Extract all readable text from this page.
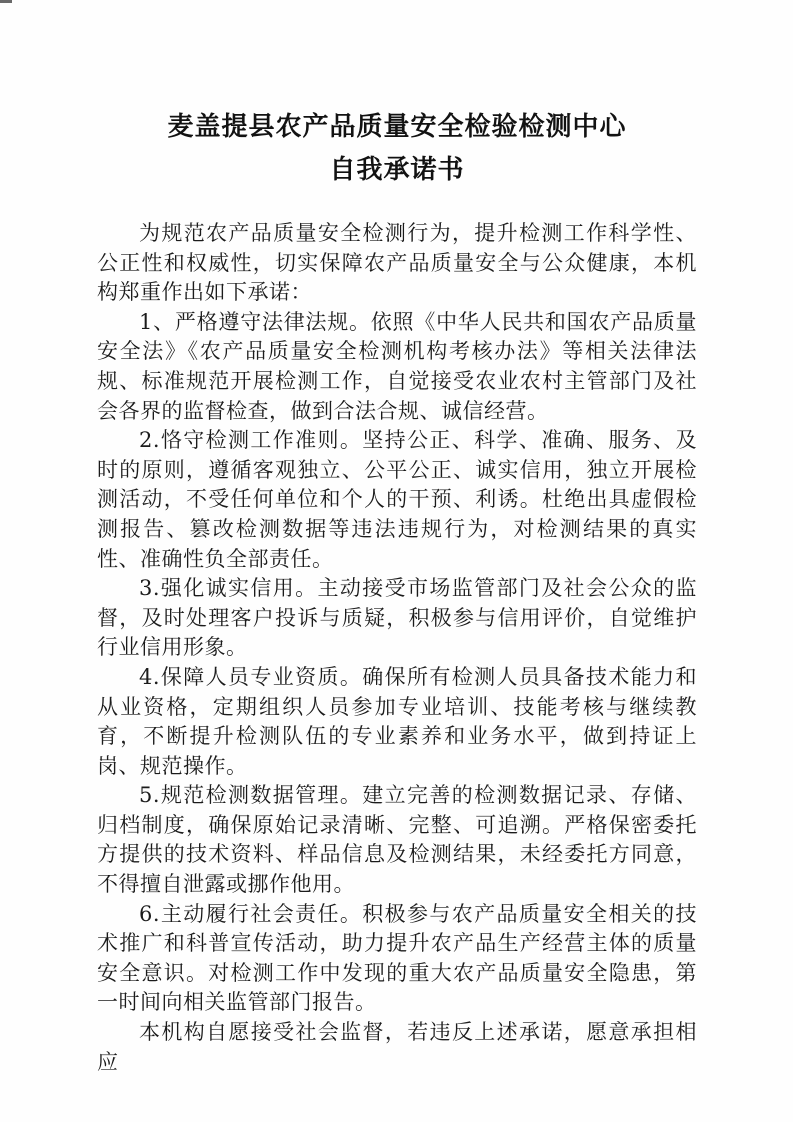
麦盖提县农产品质量安全检验检测中心
自我承诺书

为规范农产品质量安全检测行为，提升检测工作科学性、公正性和权威性，切实保障农产品质量安全与公众健康，本机构郑重作出如下承诺：

1、严格遵守法律法规。依照《中华人民共和国农产品质量安全法》《农产品质量安全检测机构考核办法》等相关法律法规、标准规范开展检测工作，自觉接受农业农村主管部门及社会各界的监督检查，做到合法合规、诚信经营。

2.恪守检测工作准则。坚持公正、科学、准确、服务、及时的原则，遵循客观独立、公平公正、诚实信用，独立开展检测活动，不受任何单位和个人的干预、利诱。杜绝出具虚假检测报告、篡改检测数据等违法违规行为，对检测结果的真实性、准确性负全部责任。

3.强化诚实信用。主动接受市场监管部门及社会公众的监督，及时处理客户投诉与质疑，积极参与信用评价，自觉维护行业信用形象。

4.保障人员专业资质。确保所有检测人员具备技术能力和从业资格，定期组织人员参加专业培训、技能考核与继续教育，不断提升检测队伍的专业素养和业务水平，做到持证上岗、规范操作。

5.规范检测数据管理。建立完善的检测数据记录、存储、归档制度，确保原始记录清晰、完整、可追溯。严格保密委托方提供的技术资料、样品信息及检测结果，未经委托方同意，不得擅自泄露或挪作他用。

6.主动履行社会责任。积极参与农产品质量安全相关的技术推广和科普宣传活动，助力提升农产品生产经营主体的质量安全意识。对检测工作中发现的重大农产品质量安全隐患，第一时间向相关监管部门报告。

本机构自愿接受社会监督，若违反上述承诺，愿意承担相应
